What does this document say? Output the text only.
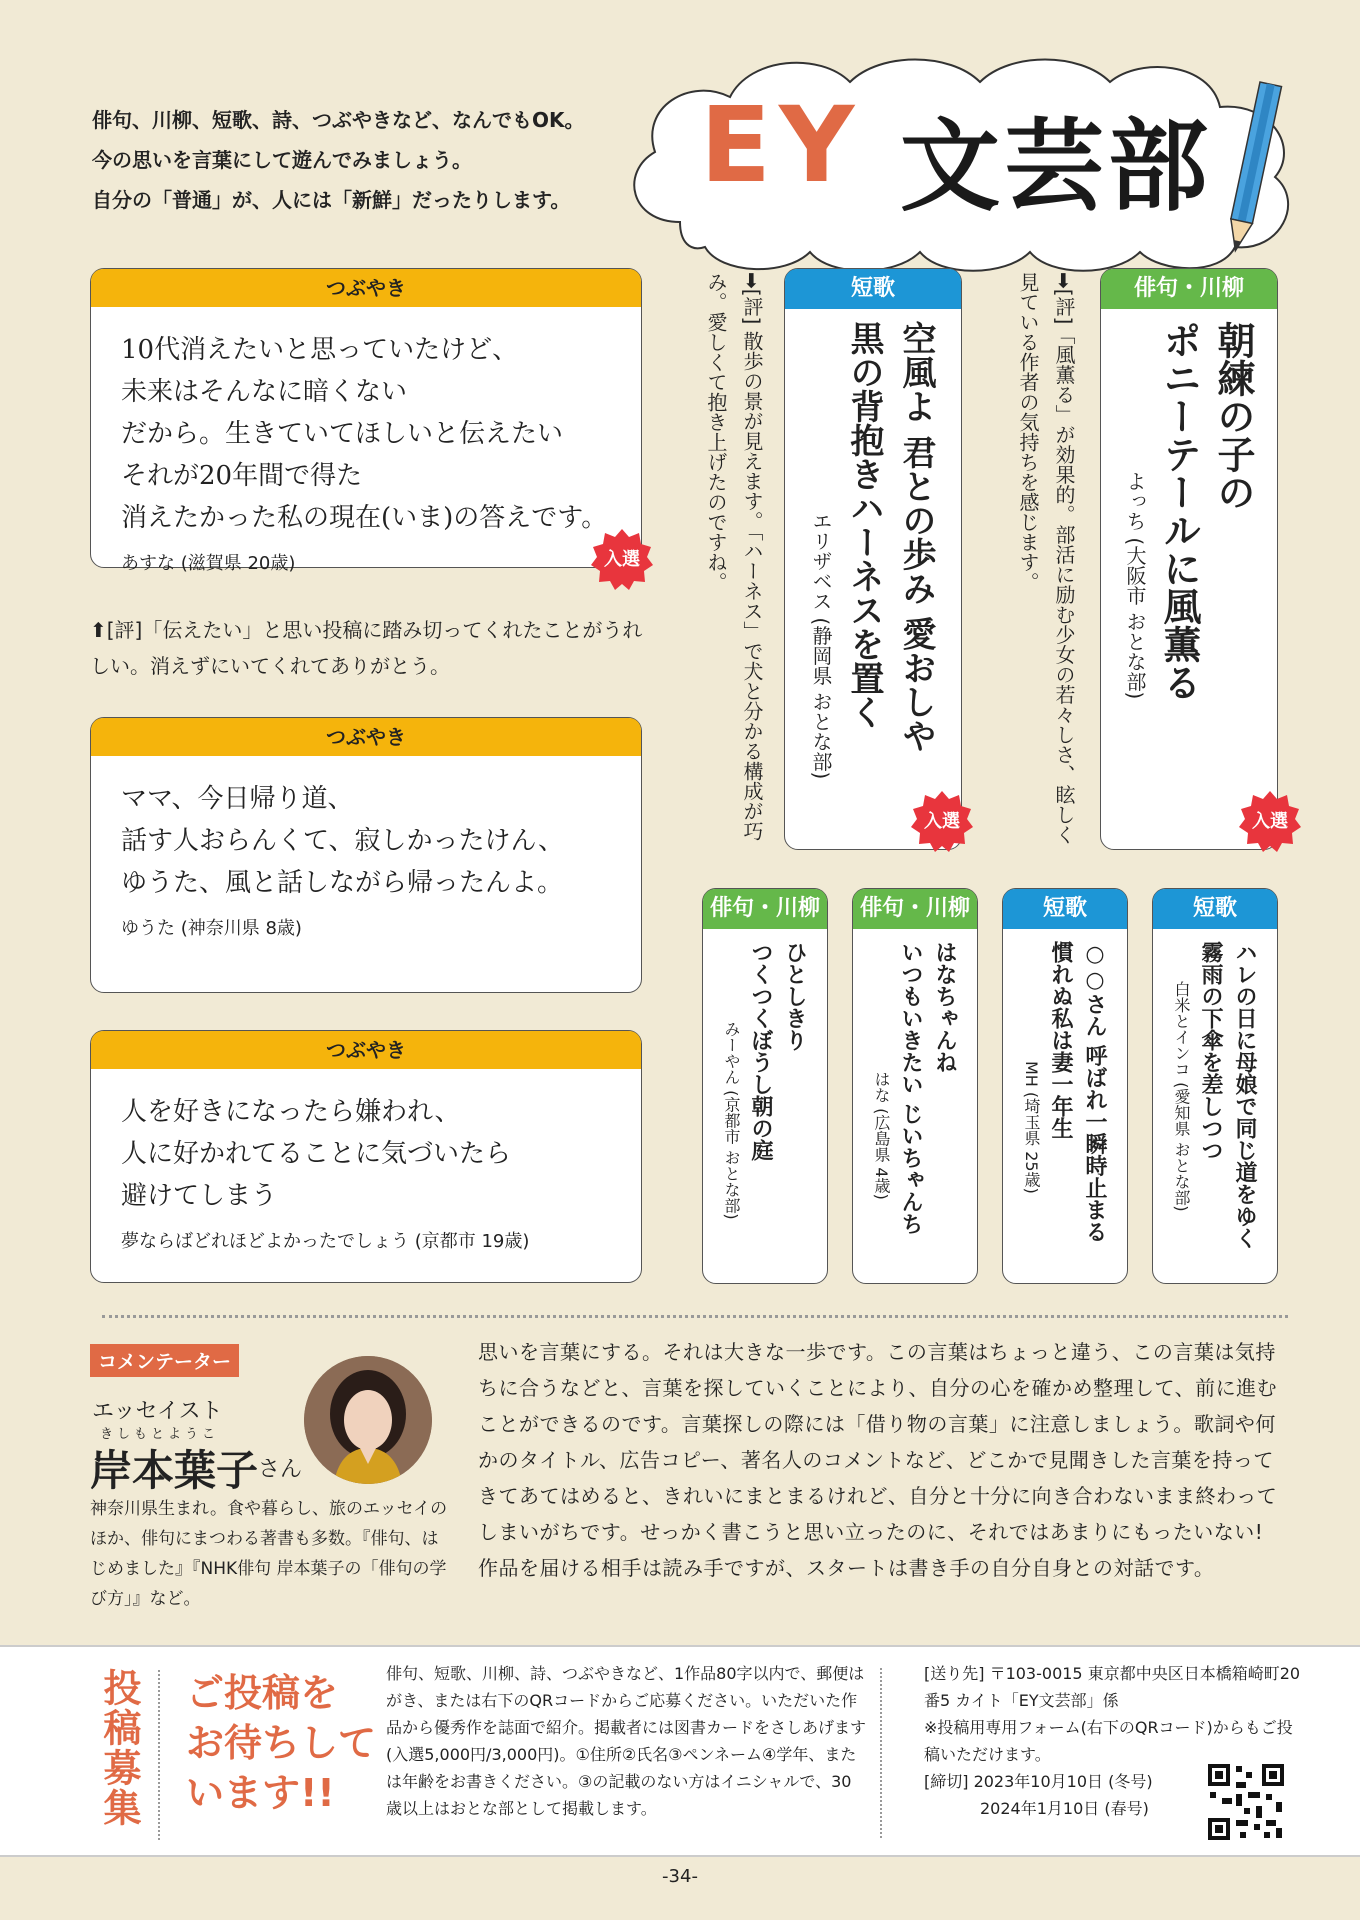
俳句、川柳、短歌、詩、つぶやきなど、なんでもOK。
今の思いを言葉にして遊んでみましょう。
自分の「普通」が、人には「新鮮」だったりします。	EY 文芸部
つぶやき
10代消えたいと思っていたけど、
未来はそんなに暗くない
だから。生きていてほしいと伝えたい
それが20年間で得た
消えたかった私の現在(いま)の答えです。
あすな (滋賀県 20歳)	入選
⬆[評]「伝えたい」と思い投稿に踏み切ってくれたことがうれしい。消えずにいてくれてありがとう。
つぶやき
ママ、今日帰り道、
話す人おらんくて、寂しかったけん、
ゆうた、風と話しながら帰ったんよ。
ゆうた (神奈川県 8歳)
つぶやき
人を好きになったら嫌われ、
人に好かれてることに気づいたら
避けてしまう
夢ならばどれほどよかったでしょう (京都市 19歳)
俳句・川柳
朝練の子の
ポニーテールに風薫る
よっち (大阪市 おとな部)
入選
➡[評]「風薫る」が効果的。部活に励む少女の若々しさ、眩しく見ている作者の気持ちを感じます。
短歌
空風よ 君との歩み 愛おしや
黒の背抱きハーネスを置く
エリザベス (静岡県 おとな部)
入選
➡[評] 散歩の景が見えます。「ハーネス」で犬と分かる構成が巧み。愛しくて抱き上げたのですね。
短歌
ハレの日に母娘で同じ道をゆく
霧雨の下傘を差しつつ
白米とインコ (愛知県 おとな部)
短歌
○○さん 呼ばれ一瞬時止まる
慣れぬ私は妻一年生
MH (埼玉県 25歳)
俳句・川柳
はなちゃんね
いつもいきたい じいちゃんち
はな (広島県 4歳)
俳句・川柳
ひとしきり
つくつくぼうし朝の庭
みーやん (京都市 おとな部)
コメンテーター
エッセイスト
きしもとようこ
岸本葉子 さん
神奈川県生まれ。食や暮らし、旅のエッセイのほか、俳句にまつわる著書も多数。『俳句、はじめました』『NHK俳句 岸本葉子の「俳句の学び方」』など。
思いを言葉にする。それは大きな一歩です。この言葉はちょっと違う、この言葉は気持ちに合うなどと、言葉を探していくことにより、自分の心を確かめ整理して、前に進むことができるのです。言葉探しの際には「借り物の言葉」に注意しましょう。歌詞や何かのタイトル、広告コピー、著名人のコメントなど、どこかで見聞きした言葉を持ってきてあてはめると、きれいにまとまるけれど、自分と十分に向き合わないまま終わってしまいがちです。せっかく書こうと思い立ったのに、それではあまりにもったいない! 作品を届ける相手は読み手ですが、スタートは書き手の自分自身との対話です。
投稿募集 ご投稿を
お待ちして
います!!
俳句、短歌、川柳、詩、つぶやきなど、1作品80字以内で、郵便はがき、または右下のQRコードからご応募ください。いただいた作品から優秀作を誌面で紹介。掲載者には図書カードをさしあげます(入選5,000円/3,000円)。①住所②氏名③ペンネーム④学年、または年齢をお書きください。③の記載のない方はイニシャルで、30歳以上はおとな部として掲載します。
[送り先] 〒103-0015 東京都中央区日本橋箱崎町20番5 カイト「EY文芸部」係
※投稿用専用フォーム(右下のQRコード)からもご投稿いただけます。
[締切] 2023年10月10日 (冬号)
2024年1月10日 (春号)
-34-
